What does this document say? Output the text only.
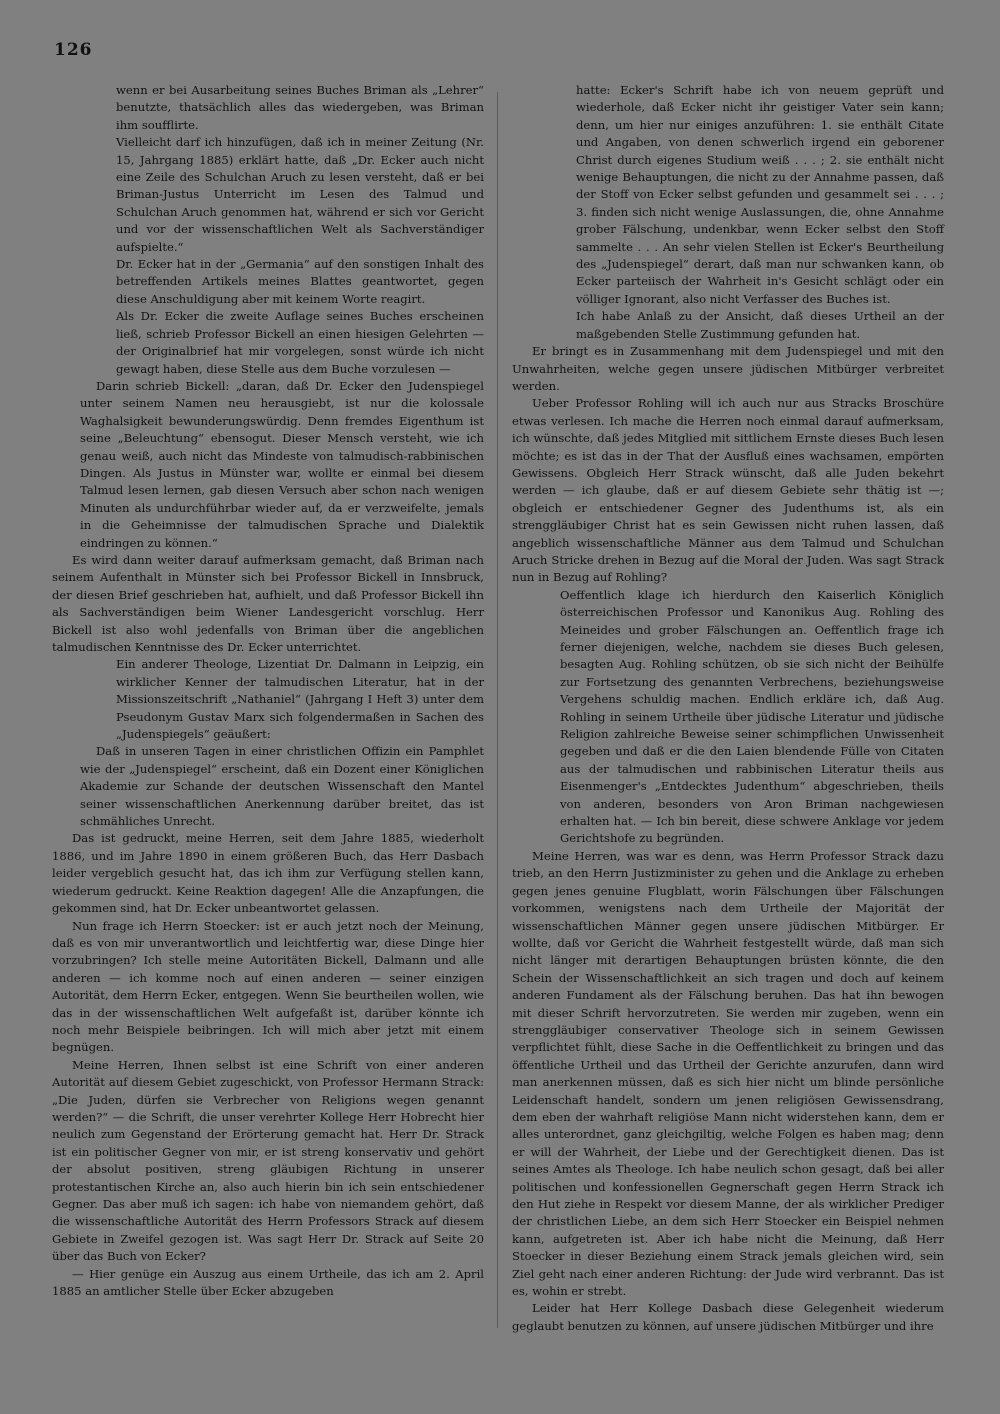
126

wenn er bei Ausarbeitung seines Buches Briman als „Lehrer“ benutzte, thatsächlich alles das wiedergeben, was Briman ihm soufflirte.

Vielleicht darf ich hinzufügen, daß ich in meiner Zeitung (Nr. 15, Jahrgang 1885) erklärt hatte, daß „Dr. Ecker auch nicht eine Zeile des Schulchan Aruch zu lesen versteht, daß er bei Briman-Justus Unterricht im Lesen des Talmud und Schulchan Aruch genommen hat, während er sich vor Gericht und vor der wissenschaftlichen Welt als Sachverständiger aufspielte.“

Dr. Ecker hat in der „Germania“ auf den sonstigen Inhalt des betreffenden Artikels meines Blattes geantwortet, gegen diese Anschuldigung aber mit keinem Worte reagirt.

Als Dr. Ecker die zweite Auflage seines Buches erscheinen ließ, schrieb Professor Bickell an einen hiesigen Gelehrten — der Originalbrief hat mir vorgelegen, sonst würde ich nicht gewagt haben, diese Stelle aus dem Buche vorzulesen —

Darin schrieb Bickell: „daran, daß Dr. Ecker den Judenspiegel unter seinem Namen neu herausgiebt, ist nur die kolossale Waghalsigkeit bewunderungswürdig. Denn fremdes Eigenthum ist seine „Beleuchtung“ ebensogut. Dieser Mensch versteht, wie ich genau weiß, auch nicht das Mindeste von talmudisch-rabbinischen Dingen. Als Justus in Münster war, wollte er einmal bei diesem Talmud lesen lernen, gab diesen Versuch aber schon nach wenigen Minuten als undurchführbar wieder auf, da er verzweifelte, jemals in die Geheimnisse der talmudischen Sprache und Dialektik eindringen zu können.“

Es wird dann weiter darauf aufmerksam gemacht, daß Briman nach seinem Aufenthalt in Münster sich bei Professor Bickell in Innsbruck, der diesen Brief geschrieben hat, aufhielt, und daß Professor Bickell ihn als Sachverständigen beim Wiener Landesgericht vorschlug. Herr Bickell ist also wohl jedenfalls von Briman über die angeblichen talmudischen Kenntnisse des Dr. Ecker unterrichtet.

Ein anderer Theologe, Lizentiat Dr. Dalmann in Leipzig, ein wirklicher Kenner der talmudischen Literatur, hat in der Missionszeitschrift „Nathaniel“ (Jahrgang I Heft 3) unter dem Pseudonym Gustav Marx sich folgendermaßen in Sachen des „Judenspiegels“ geäußert:

Daß in unseren Tagen in einer christlichen Offizin ein Pamphlet wie der „Judenspiegel“ erscheint, daß ein Dozent einer Königlichen Akademie zur Schande der deutschen Wissenschaft den Mantel seiner wissenschaftlichen Anerkennung darüber breitet, das ist schmähliches Unrecht.

Das ist gedruckt, meine Herren, seit dem Jahre 1885, wiederholt 1886, und im Jahre 1890 in einem größeren Buch, das Herr Dasbach leider vergeblich gesucht hat, das ich ihm zur Verfügung stellen kann, wiederum gedruckt. Keine Reaktion dagegen! Alle die Anzapfungen, die gekommen sind, hat Dr. Ecker unbeantwortet gelassen.

Nun frage ich Herrn Stoecker: ist er auch jetzt noch der Meinung, daß es von mir unverantwortlich und leichtfertig war, diese Dinge hier vorzubringen? Ich stelle meine Autoritäten Bickell, Dalmann und alle anderen — ich komme noch auf einen anderen — seiner einzigen Autorität, dem Herrn Ecker, entgegen. Wenn Sie beurtheilen wollen, wie das in der wissenschaftlichen Welt aufgefaßt ist, darüber könnte ich noch mehr Beispiele beibringen. Ich will mich aber jetzt mit einem begnügen.

Meine Herren, Ihnen selbst ist eine Schrift von einer anderen Autorität auf diesem Gebiet zugeschickt, von Professor Hermann Strack: „Die Juden, dürfen sie Verbrecher von Religions wegen genannt werden?“ — die Schrift, die unser verehrter Kollege Herr Hobrecht hier neulich zum Gegenstand der Erörterung gemacht hat. Herr Dr. Strack ist ein politischer Gegner von mir, er ist streng konservativ und gehört der absolut positiven, streng gläubigen Richtung in unserer protestantischen Kirche an, also auch hierin bin ich sein entschiedener Gegner. Das aber muß ich sagen: ich habe von niemandem gehört, daß die wissenschaftliche Autorität des Herrn Professors Strack auf diesem Gebiete in Zweifel gezogen ist. Was sagt Herr Dr. Strack auf Seite 20 über das Buch von Ecker?

— Hier genüge ein Auszug aus einem Urtheile, das ich am 2. April 1885 an amtlicher Stelle über Ecker abzugeben

hatte: Ecker's Schrift habe ich von neuem geprüft und wiederhole, daß Ecker nicht ihr geistiger Vater sein kann; denn, um hier nur einiges anzuführen: 1. sie enthält Citate und Angaben, von denen schwerlich irgend ein geborener Christ durch eigenes Studium weiß . . . ; 2. sie enthält nicht wenige Behauptungen, die nicht zu der Annahme passen, daß der Stoff von Ecker selbst gefunden und gesammelt sei . . . ; 3. finden sich nicht wenige Auslassungen, die, ohne Annahme grober Fälschung, undenkbar, wenn Ecker selbst den Stoff sammelte . . . An sehr vielen Stellen ist Ecker's Beurtheilung des „Judenspiegel“ derart, daß man nur schwanken kann, ob Ecker parteiisch der Wahrheit in's Gesicht schlägt oder ein völliger Ignorant, also nicht Verfasser des Buches ist.

Ich habe Anlaß zu der Ansicht, daß dieses Urtheil an der maßgebenden Stelle Zustimmung gefunden hat.

Er bringt es in Zusammenhang mit dem Judenspiegel und mit den Unwahrheiten, welche gegen unsere jüdischen Mitbürger verbreitet werden.

Ueber Professor Rohling will ich auch nur aus Stracks Broschüre etwas verlesen. Ich mache die Herren noch einmal darauf aufmerksam, ich wünschte, daß jedes Mitglied mit sittlichem Ernste dieses Buch lesen möchte; es ist das in der That der Ausfluß eines wachsamen, empörten Gewissens. Obgleich Herr Strack wünscht, daß alle Juden bekehrt werden — ich glaube, daß er auf diesem Gebiete sehr thätig ist —; obgleich er entschiedener Gegner des Judenthums ist, als ein strenggläubiger Christ hat es sein Gewissen nicht ruhen lassen, daß angeblich wissenschaftliche Männer aus dem Talmud und Schulchan Aruch Stricke drehen in Bezug auf die Moral der Juden. Was sagt Strack nun in Bezug auf Rohling?

Oeffentlich klage ich hierdurch den Kaiserlich Königlich österreichischen Professor und Kanonikus Aug. Rohling des Meineides und grober Fälschungen an. Oeffentlich frage ich ferner diejenigen, welche, nachdem sie dieses Buch gelesen, besagten Aug. Rohling schützen, ob sie sich nicht der Beihülfe zur Fortsetzung des genannten Verbrechens, beziehungsweise Vergehens schuldig machen. Endlich erkläre ich, daß Aug. Rohling in seinem Urtheile über jüdische Literatur und jüdische Religion zahlreiche Beweise seiner schimpflichen Unwissenheit gegeben und daß er die den Laien blendende Fülle von Citaten aus der talmudischen und rabbinischen Literatur theils aus Eisenmenger's „Entdecktes Judenthum“ abgeschrieben, theils von anderen, besonders von Aron Briman nachgewiesen erhalten hat. — Ich bin bereit, diese schwere Anklage vor jedem Gerichtshofe zu begründen.

Meine Herren, was war es denn, was Herrn Professor Strack dazu trieb, an den Herrn Justizminister zu gehen und die Anklage zu erheben gegen jenes genuine Flugblatt, worin Fälschungen über Fälschungen vorkommen, wenigstens nach dem Urtheile der Majorität der wissenschaftlichen Männer gegen unsere jüdischen Mitbürger. Er wollte, daß vor Gericht die Wahrheit festgestellt würde, daß man sich nicht länger mit derartigen Behauptungen brüsten könnte, die den Schein der Wissenschaftlichkeit an sich tragen und doch auf keinem anderen Fundament als der Fälschung beruhen. Das hat ihn bewogen mit dieser Schrift hervorzutreten. Sie werden mir zugeben, wenn ein strenggläubiger conservativer Theologe sich in seinem Gewissen verpflichtet fühlt, diese Sache in die Oeffentlichkeit zu bringen und das öffentliche Urtheil und das Urtheil der Gerichte anzurufen, dann wird man anerkennen müssen, daß es sich hier nicht um blinde persönliche Leidenschaft handelt, sondern um jenen religiösen Gewissensdrang, dem eben der wahrhaft religiöse Mann nicht widerstehen kann, dem er alles unterordnet, ganz gleichgiltig, welche Folgen es haben mag; denn er will der Wahrheit, der Liebe und der Gerechtigkeit dienen. Das ist seines Amtes als Theologe. Ich habe neulich schon gesagt, daß bei aller politischen und konfessionellen Gegnerschaft gegen Herrn Strack ich den Hut ziehe in Respekt vor diesem Manne, der als wirklicher Prediger der christlichen Liebe, an dem sich Herr Stoecker ein Beispiel nehmen kann, aufgetreten ist. Aber ich habe nicht die Meinung, daß Herr Stoecker in dieser Beziehung einem Strack jemals gleichen wird, sein Ziel geht nach einer anderen Richtung: der Jude wird verbrannt. Das ist es, wohin er strebt.

Leider hat Herr Kollege Dasbach diese Gelegenheit wiederum geglaubt benutzen zu können, auf unsere jüdischen Mitbürger und ihre
